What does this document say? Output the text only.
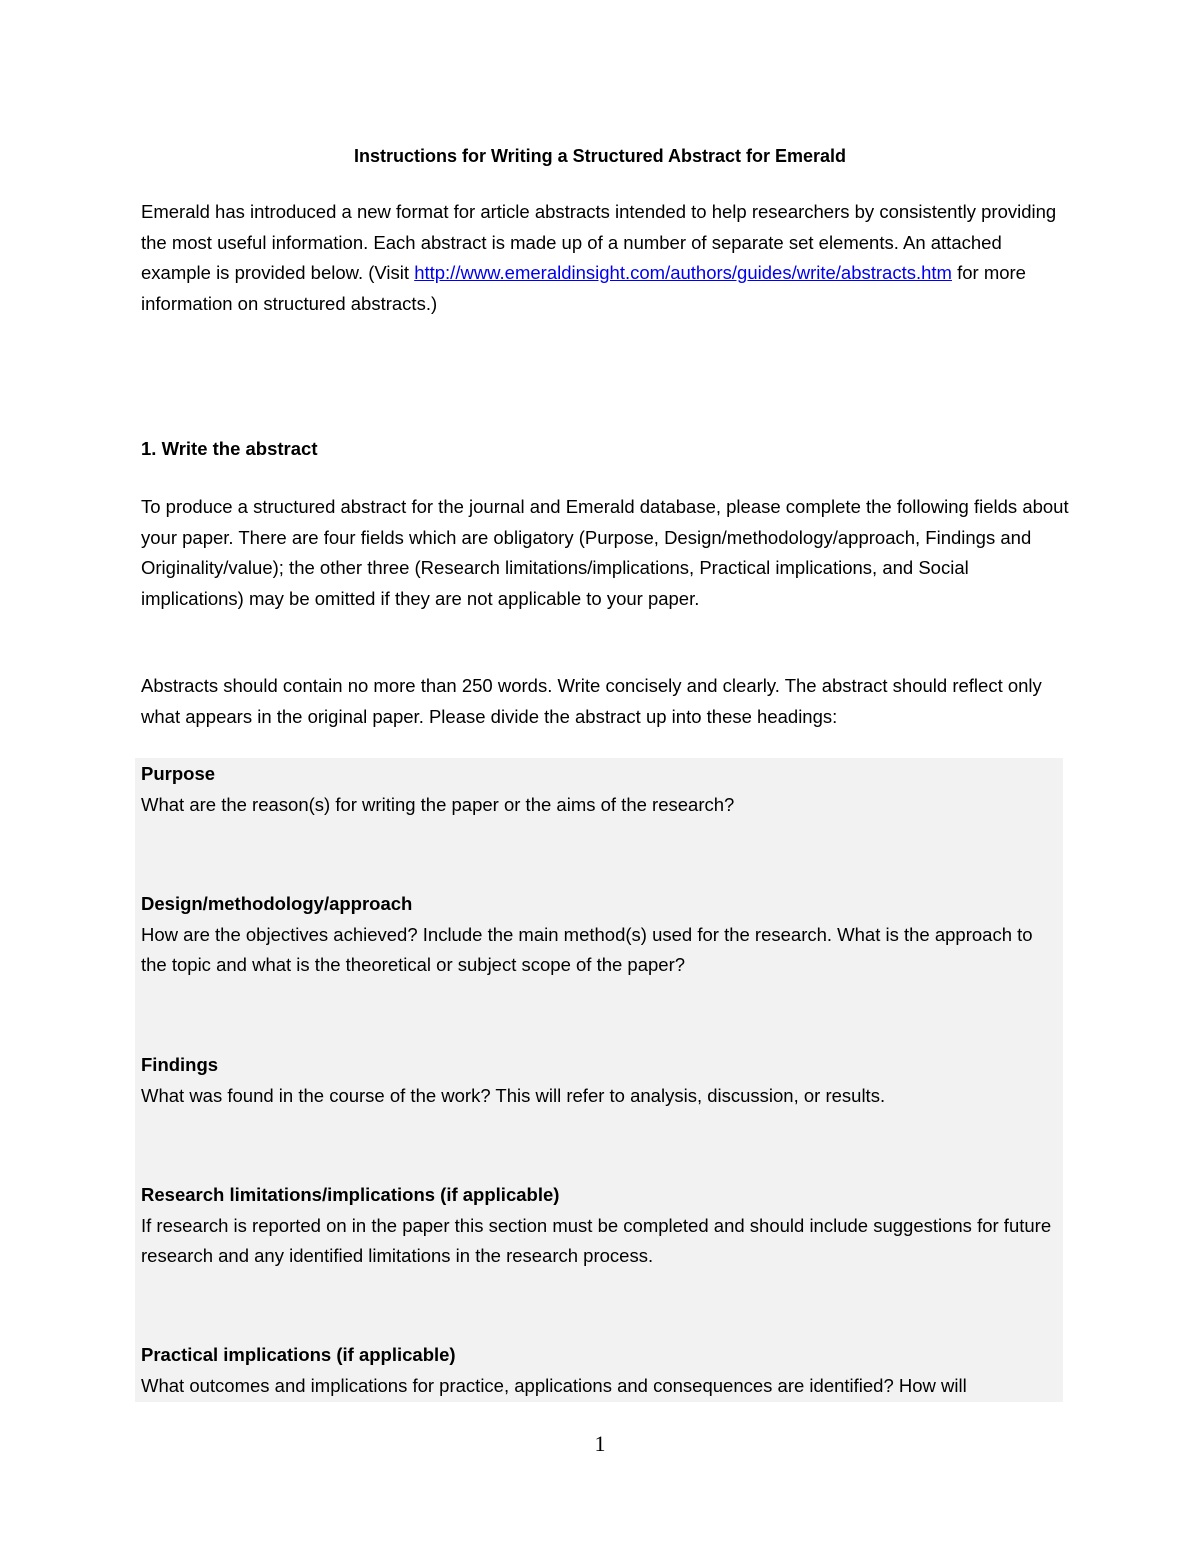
Instructions for Writing a Structured Abstract for Emerald

Emerald has introduced a new format for article abstracts intended to help researchers by consistently providing the most useful information. Each abstract is made up of a number of separate set elements. An attached example is provided below. (Visit http://www.emeraldinsight.com/authors/guides/write/abstracts.htm for more information on structured abstracts.)

1. Write the abstract

To produce a structured abstract for the journal and Emerald database, please complete the following fields about your paper. There are four fields which are obligatory (Purpose, Design/methodology/approach, Findings and Originality/value); the other three (Research limitations/implications, Practical implications, and Social implications) may be omitted if they are not applicable to your paper.

Abstracts should contain no more than 250 words. Write concisely and clearly. The abstract should reflect only what appears in the original paper. Please divide the abstract up into these headings:

Purpose
What are the reason(s) for writing the paper or the aims of the research?
Design/methodology/approach
How are the objectives achieved? Include the main method(s) used for the research. What is the approach to the topic and what is the theoretical or subject scope of the paper?
Findings
What was found in the course of the work? This will refer to analysis, discussion, or results.
Research limitations/implications (if applicable)
If research is reported on in the paper this section must be completed and should include suggestions for future research and any identified limitations in the research process.
Practical implications (if applicable)
What outcomes and implications for practice, applications and consequences are identified? How will
1
